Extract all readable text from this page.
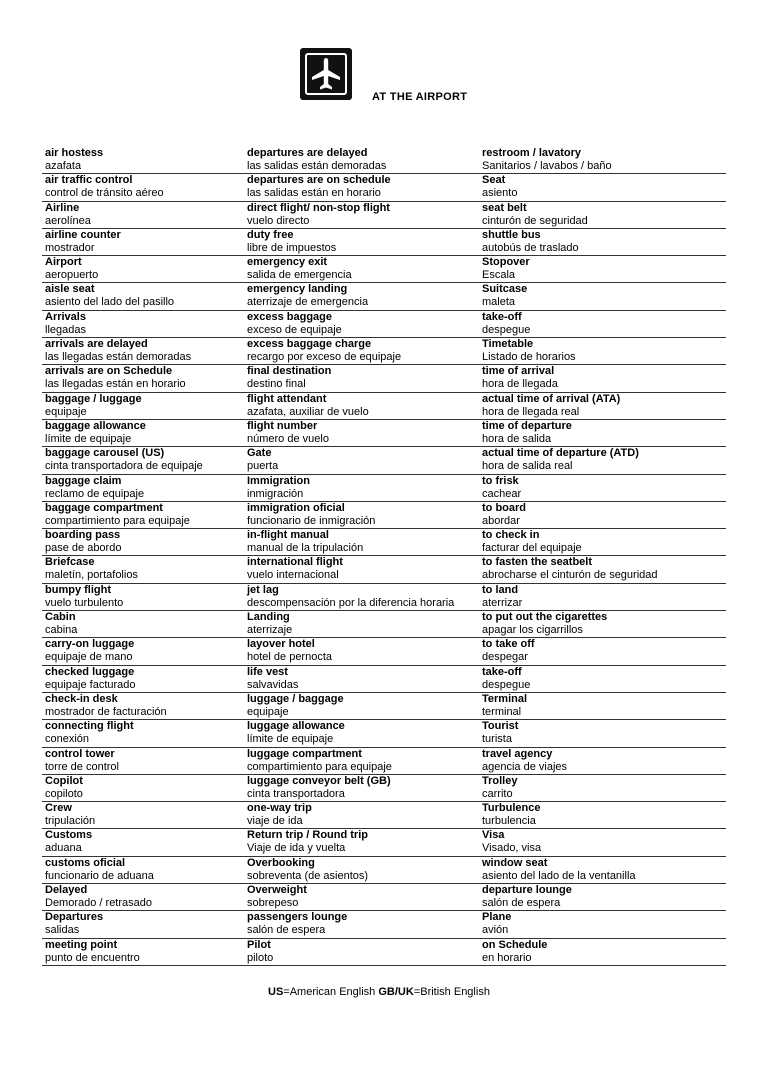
AT THE AIRPORT
air hostess
azafata
departures are delayed
las salidas están demoradas
restroom / lavatory
Sanitarios / lavabos / baño
air traffic control
control de tránsito aéreo
departures are on schedule
las salidas están en horario
Seat
asiento
Airline
aerolínea
direct flight/ non-stop flight
vuelo directo
seat belt
cinturón de seguridad
airline counter
mostrador
duty free
libre de impuestos
shuttle bus
autobús de traslado
Airport
aeropuerto
emergency exit
salida de emergencia
Stopover
Escala
aisle seat
asiento del lado del pasillo
emergency landing
aterrizaje de emergencia
Suitcase
maleta
Arrivals
llegadas
excess baggage
exceso de equipaje
take-off
despegue
arrivals are delayed
las llegadas están demoradas
excess baggage charge
recargo por exceso de equipaje
Timetable
Listado de horarios
arrivals are on Schedule
las llegadas están en horario
final destination
destino final
time of arrival
hora de llegada
baggage / luggage
equipaje
flight attendant
azafata, auxiliar de vuelo
actual time of arrival (ATA)
hora de llegada real
baggage allowance
límite de equipaje
flight number
número de vuelo
time of departure
hora de salida
baggage carousel (US)
cinta transportadora de equipaje
Gate
puerta
actual time of departure (ATD)
hora de salida real
baggage claim
reclamo de equipaje
Immigration
inmigración
to frisk
cachear
baggage compartment
compartimiento para equipaje
immigration oficial
funcionario de inmigración
to board
abordar
boarding pass
pase de abordo
in-flight manual
manual de la tripulación
to check in
facturar del equipaje
Briefcase
maletín, portafolios
international flight
vuelo internacional
to fasten the seatbelt
abrocharse el cinturón de seguridad
bumpy flight
vuelo turbulento
jet lag
descompensación por la diferencia horaria
to land
aterrizar
Cabin
cabina
Landing
aterrizaje
to put out the cigarettes
apagar los cigarrillos
carry-on luggage
equipaje de mano
layover hotel
hotel de pernocta
to take off
despegar
checked luggage
equipaje facturado
life vest
salvavidas
take-off
despegue
check-in desk
mostrador de facturación
luggage / baggage
equipaje
Terminal
terminal
connecting flight
conexión
luggage allowance
límite de equipaje
Tourist
turista
control tower
torre de control
luggage compartment
compartimiento para equipaje
travel agency
agencia de viajes
Copilot
copiloto
luggage conveyor belt (GB)
cinta transportadora
Trolley
carrito
Crew
tripulación
one-way trip
viaje de ida
Turbulence
turbulencia
Customs
aduana
Return trip / Round trip
Viaje de ida y vuelta
Visa
Visado, visa
customs oficial
funcionario de aduana
Overbooking
sobreventa (de asientos)
window seat
asiento del lado de la ventanilla
Delayed
Demorado / retrasado
Overweight
sobrepeso
departure lounge
salón de espera
Departures
salidas
passengers lounge
salón de espera
Plane
avión
meeting point
punto de encuentro
Pilot
piloto
on Schedule
en horario
US=American English GB/UK=British English
